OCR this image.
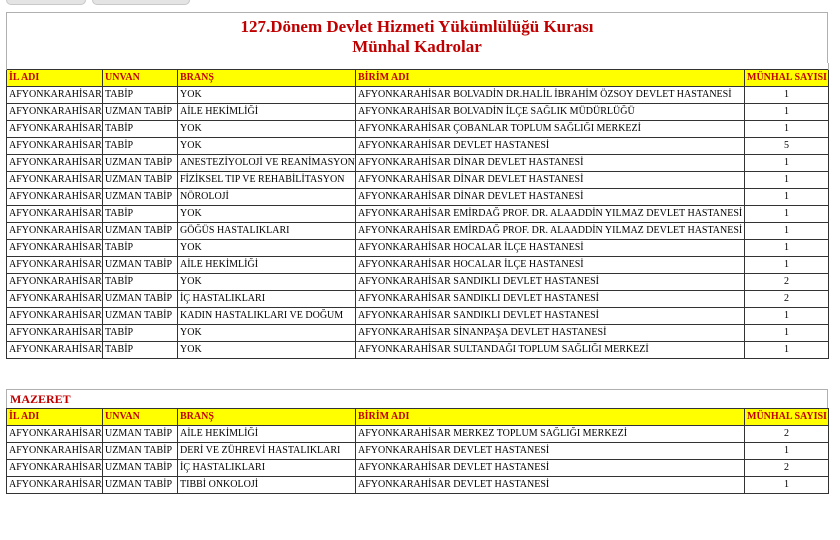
127.Dönem Devlet Hizmeti Yükümlülüğü Kurası
Münhal Kadrolar

İL ADI	UNVAN	BRANŞ	BİRİM ADI	MÜNHAL SAYISI
AFYONKARAHİSAR	TABİP	YOK	AFYONKARAHİSAR BOLVADİN DR.HALİL İBRAHİM ÖZSOY DEVLET HASTANESİ	1
AFYONKARAHİSAR	UZMAN TABİP	AİLE HEKİMLİĞİ	AFYONKARAHİSAR BOLVADİN İLÇE SAĞLIK MÜDÜRLÜĞÜ	1
AFYONKARAHİSAR	TABİP	YOK	AFYONKARAHİSAR ÇOBANLAR TOPLUM SAĞLIĞI MERKEZİ	1
AFYONKARAHİSAR	TABİP	YOK	AFYONKARAHİSAR DEVLET HASTANESİ	5
AFYONKARAHİSAR	UZMAN TABİP	ANESTEZİYOLOJİ VE REANİMASYON	AFYONKARAHİSAR DİNAR DEVLET HASTANESİ	1
AFYONKARAHİSAR	UZMAN TABİP	FİZİKSEL TIP VE REHABİLİTASYON	AFYONKARAHİSAR DİNAR DEVLET HASTANESİ	1
AFYONKARAHİSAR	UZMAN TABİP	NÖROLOJİ	AFYONKARAHİSAR DİNAR DEVLET HASTANESİ	1
AFYONKARAHİSAR	TABİP	YOK	AFYONKARAHİSAR EMİRDAĞ PROF. DR. ALAADDİN YILMAZ DEVLET HASTANESİ	1
AFYONKARAHİSAR	UZMAN TABİP	GÖĞÜS HASTALIKLARI	AFYONKARAHİSAR EMİRDAĞ PROF. DR. ALAADDİN YILMAZ DEVLET HASTANESİ	1
AFYONKARAHİSAR	TABİP	YOK	AFYONKARAHİSAR HOCALAR İLÇE HASTANESİ	1
AFYONKARAHİSAR	UZMAN TABİP	AİLE HEKİMLİĞİ	AFYONKARAHİSAR HOCALAR İLÇE HASTANESİ	1
AFYONKARAHİSAR	TABİP	YOK	AFYONKARAHİSAR SANDIKLI DEVLET HASTANESİ	2
AFYONKARAHİSAR	UZMAN TABİP	İÇ HASTALIKLARI	AFYONKARAHİSAR SANDIKLI DEVLET HASTANESİ	2
AFYONKARAHİSAR	UZMAN TABİP	KADIN HASTALIKLARI VE DOĞUM	AFYONKARAHİSAR SANDIKLI DEVLET HASTANESİ	1
AFYONKARAHİSAR	TABİP	YOK	AFYONKARAHİSAR SİNANPAŞA DEVLET HASTANESİ	1
AFYONKARAHİSAR	TABİP	YOK	AFYONKARAHİSAR SULTANDAĞI TOPLUM SAĞLIĞI MERKEZİ	1
MAZERET
İL ADI	UNVAN	BRANŞ	BİRİM ADI	MÜNHAL SAYISI
AFYONKARAHİSAR	UZMAN TABİP	AİLE HEKİMLİĞİ	AFYONKARAHİSAR MERKEZ TOPLUM SAĞLIĞI MERKEZİ	2
AFYONKARAHİSAR	UZMAN TABİP	DERİ VE ZÜHREVİ HASTALIKLARI	AFYONKARAHİSAR DEVLET HASTANESİ	1
AFYONKARAHİSAR	UZMAN TABİP	İÇ HASTALIKLARI	AFYONKARAHİSAR DEVLET HASTANESİ	2
AFYONKARAHİSAR	UZMAN TABİP	TIBBİ ONKOLOJİ	AFYONKARAHİSAR DEVLET HASTANESİ	1
